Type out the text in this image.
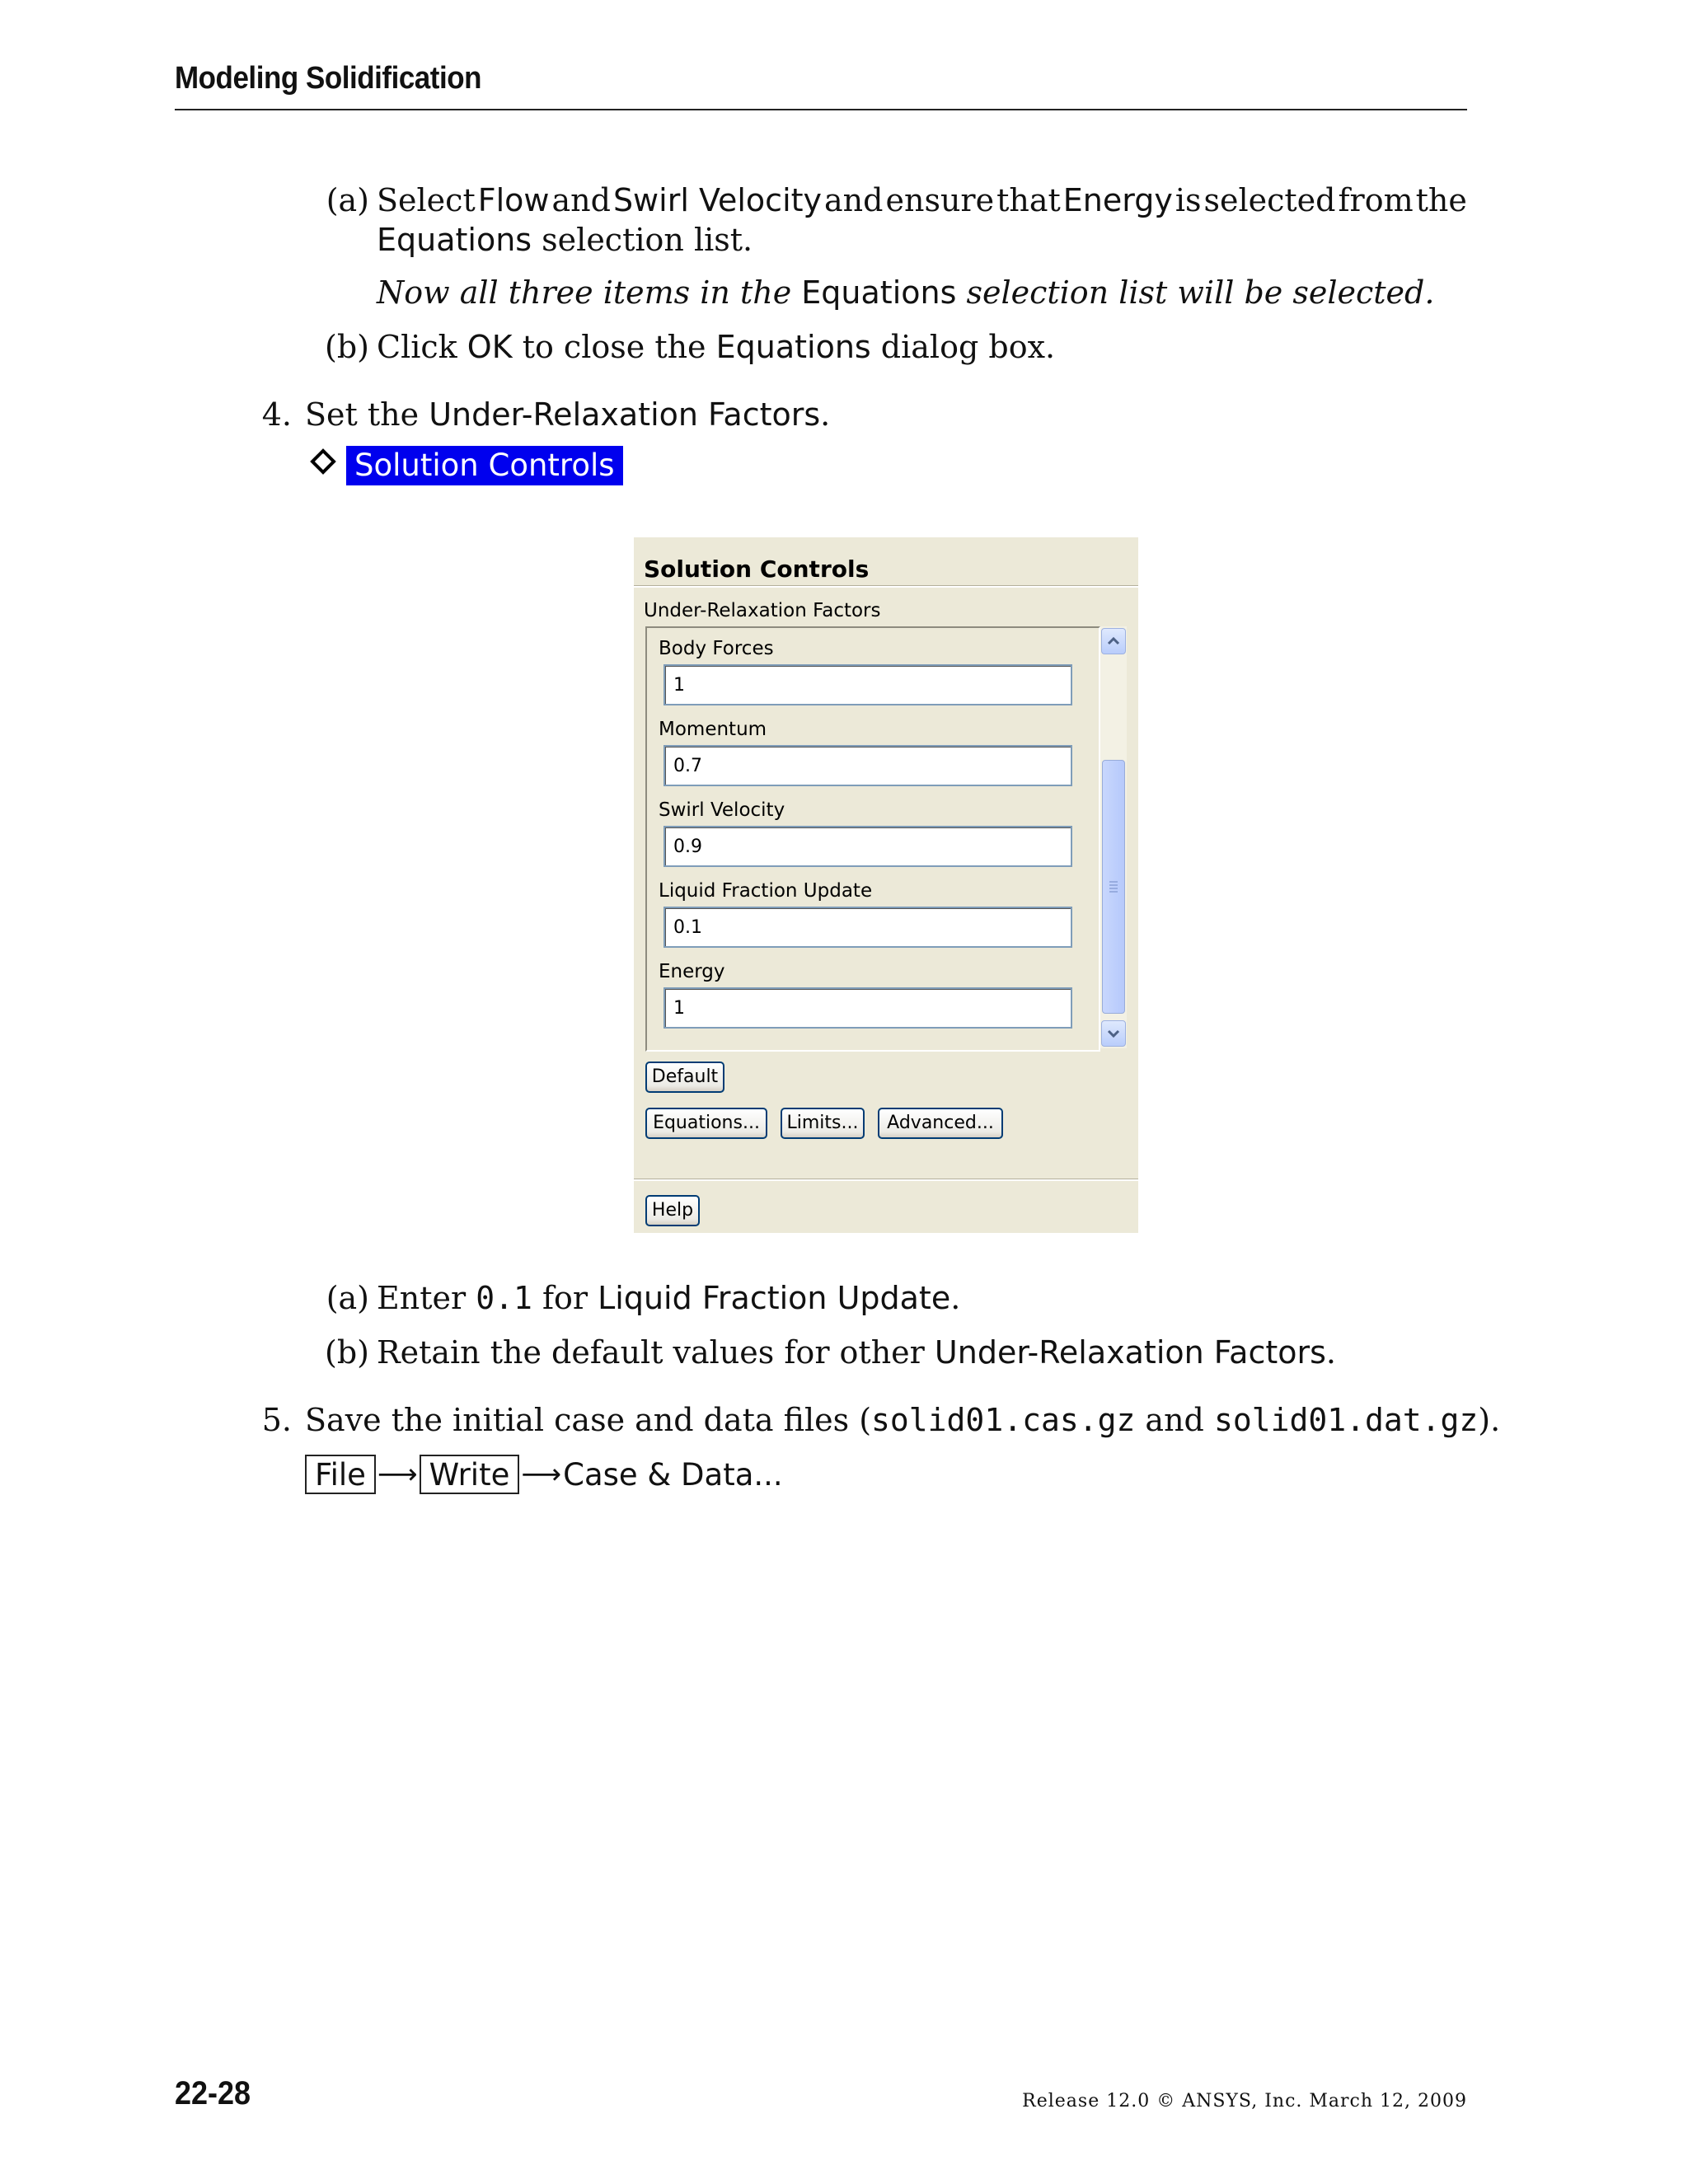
Modeling Solidification
(a) Select Flow and Swirl Velocity and ensure that Energy is selected from the
Equations selection list.
Now all three items in the Equations selection list will be selected.
(b) Click OK to close the Equations dialog box.
4. Set the Under-Relaxation Factors.
Solution Controls
Solution Controls
Under-Relaxation Factors
Body Forces
1
Momentum
0.7
Swirl Velocity
0.9
Liquid Fraction Update
0.1
Energy
1
Default
Equations...	Limits...	Advanced...
Help
(a) Enter 0.1 for Liquid Fraction Update.
(b) Retain the default values for other Under-Relaxation Factors.
5. Save the initial case and data files (solid01.cas.gz and solid01.dat.gz).
File ⟶ Write ⟶ Case & Data...
22-28	Release 12.0 © ANSYS, Inc. March 12, 2009
